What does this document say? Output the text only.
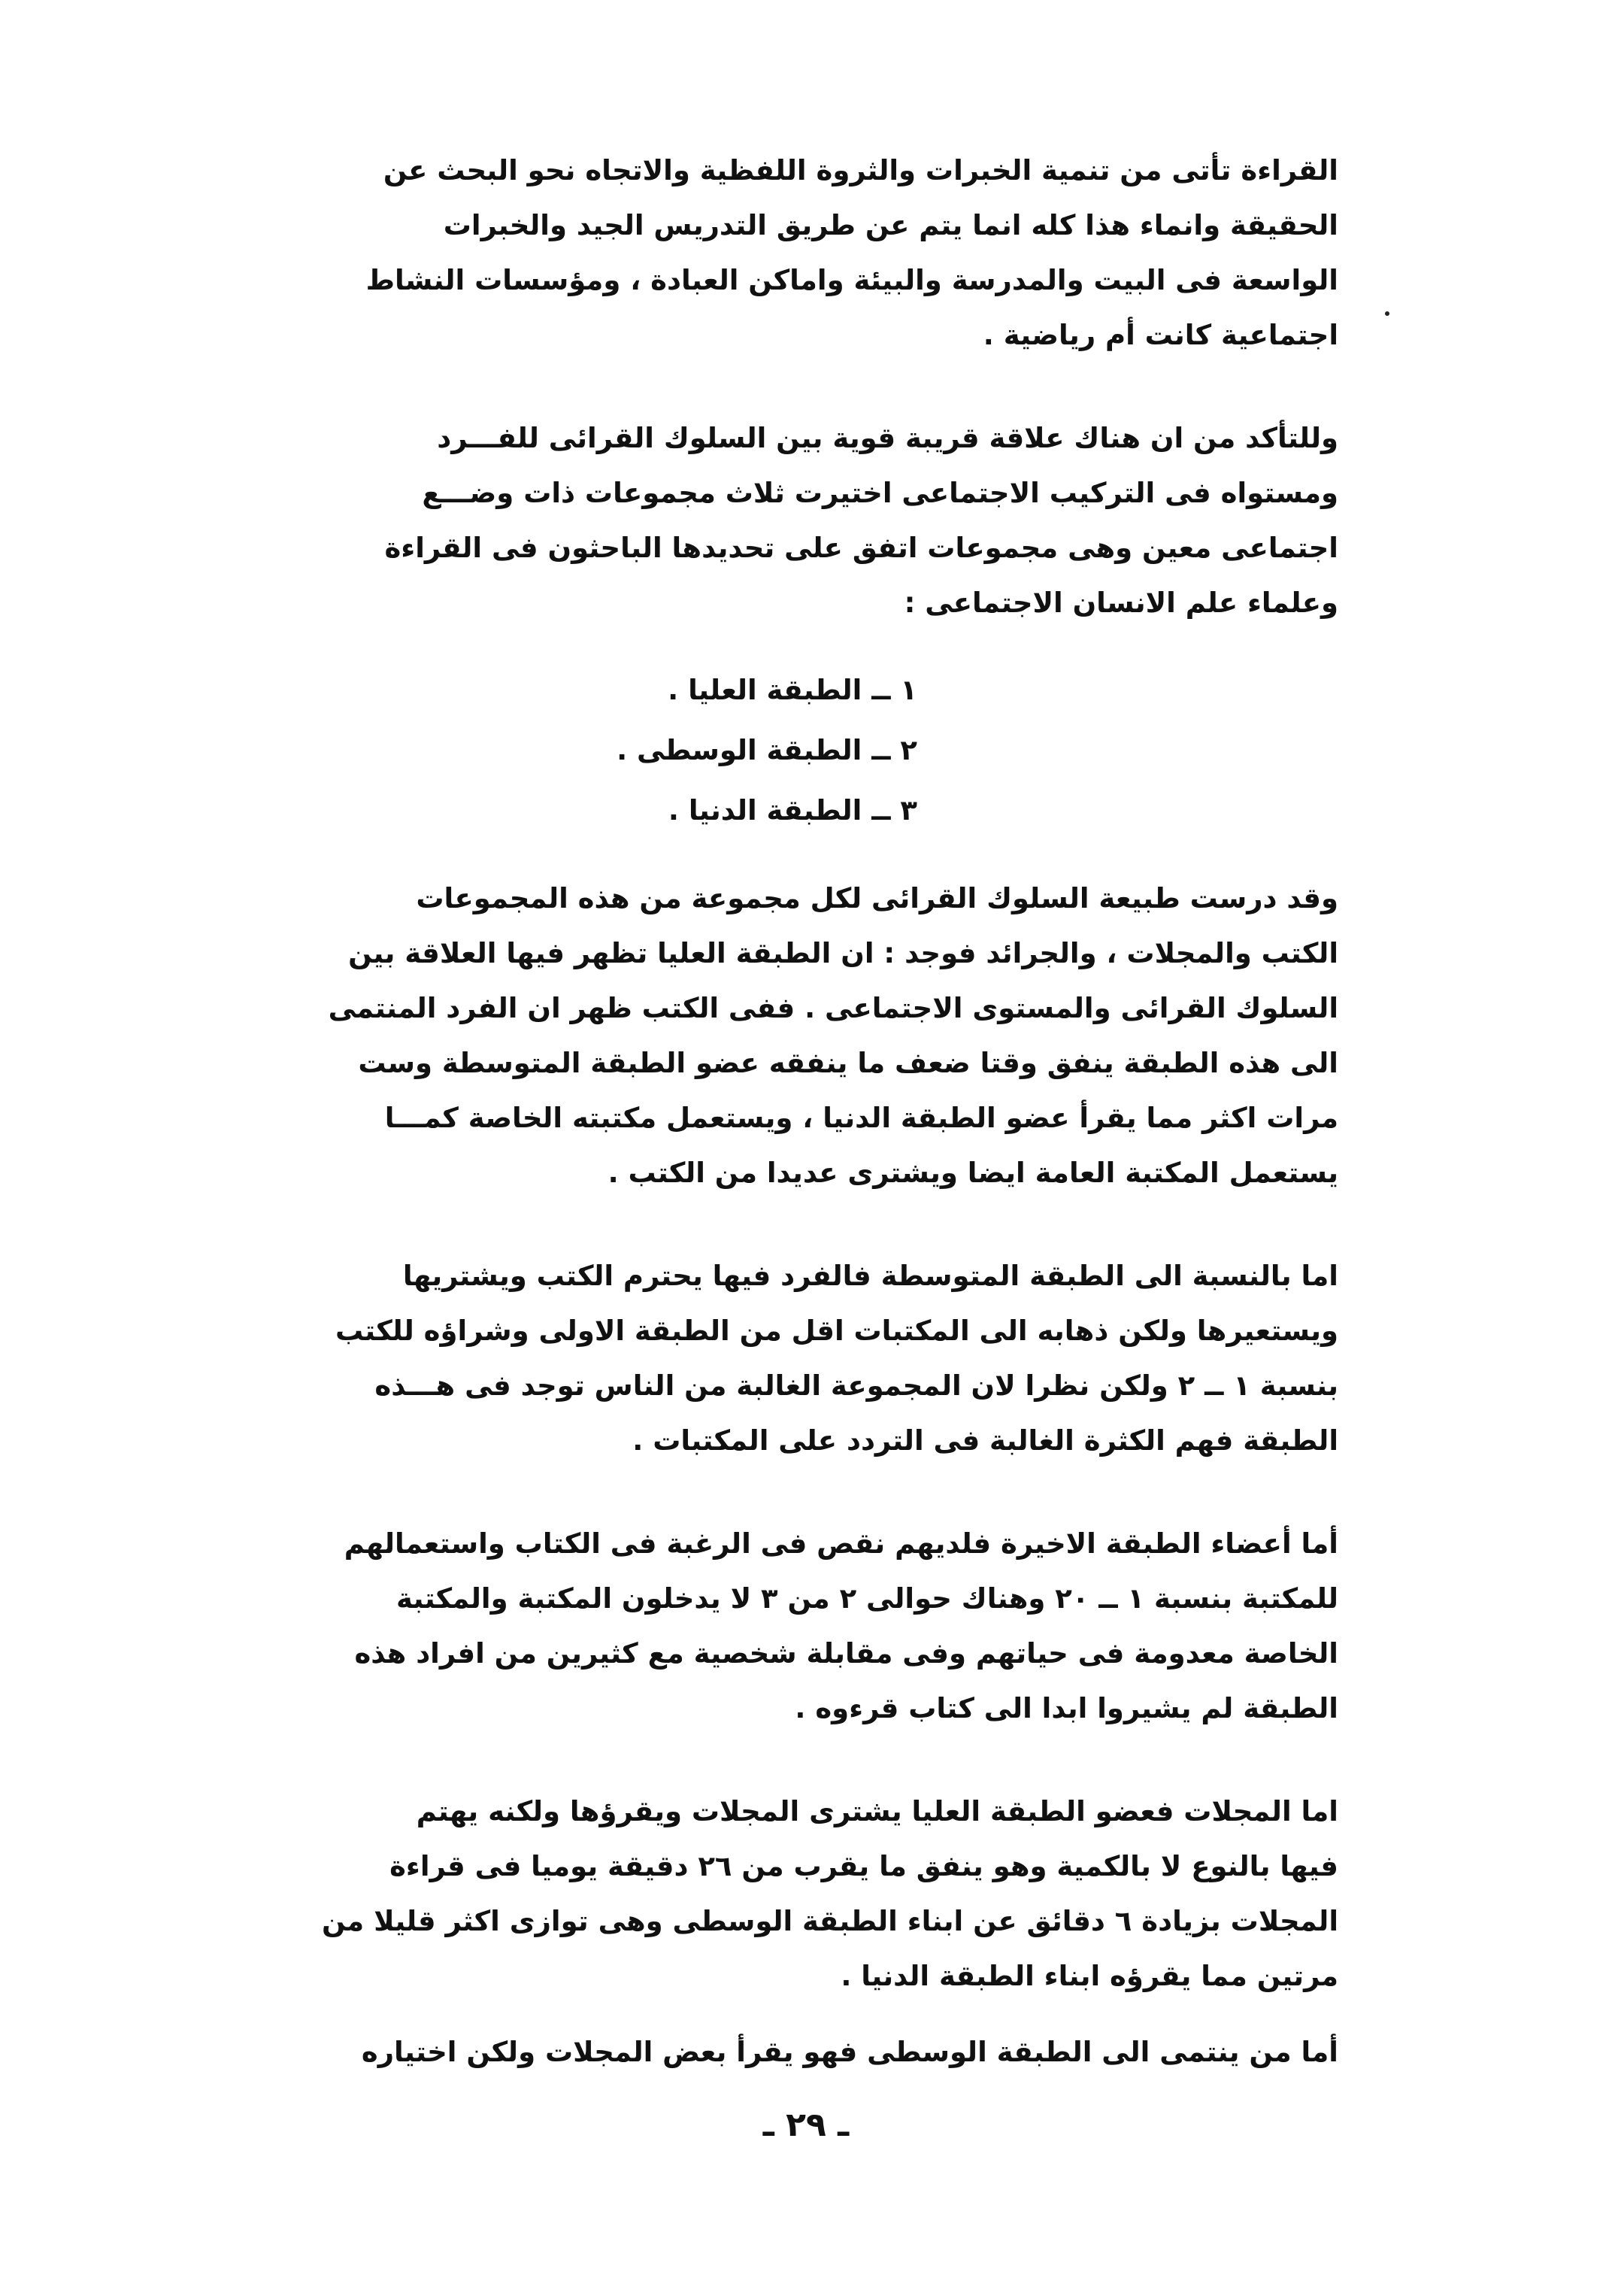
القراءة تأتى من تنمية الخبرات والثروة اللفظية والاتجاه نحو البحث عن
الحقيقة وانماء هذا كله انما يتم عن طريق التدريس الجيد والخبرات
الواسعة فى البيت والمدرسة والبيئة واماكن العبادة ، ومؤسسات النشاط
اجتماعية كانت أم رياضية .

وللتأكد من ان هناك علاقة قريبة قوية بين السلوك القرائى للفـــرد
ومستواه فى التركيب الاجتماعى اختيرت ثلاث مجموعات ذات وضـــع
اجتماعى معين وهى مجموعات اتفق على تحديدها الباحثون فى القراءة
وعلماء علم الانسان الاجتماعى :

١ ــ الطبقة العليا .
٢ ــ الطبقة الوسطى .
٣ ــ الطبقة الدنيا .

وقد درست طبيعة السلوك القرائى لكل مجموعة من هذه المجموعات
الكتب والمجلات ، والجرائد فوجد : ان الطبقة العليا تظهر فيها العلاقة بين
السلوك القرائى والمستوى الاجتماعى . ففى الكتب ظهر ان الفرد المنتمى
الى هذه الطبقة ينفق وقتا ضعف ما ينفقه عضو الطبقة المتوسطة وست
مرات اكثر مما يقرأ عضو الطبقة الدنيا ، ويستعمل مكتبته الخاصة كمـــا
يستعمل المكتبة العامة ايضا ويشترى عديدا من الكتب .

اما بالنسبة الى الطبقة المتوسطة فالفرد فيها يحترم الكتب ويشتريها
ويستعيرها ولكن ذهابه الى المكتبات اقل من الطبقة الاولى وشراؤه للكتب
بنسبة ١ ــ ٢ ولكن نظرا لان المجموعة الغالبة من الناس توجد فى هـــذه
الطبقة فهم الكثرة الغالبة فى التردد على المكتبات .

أما أعضاء الطبقة الاخيرة فلديهم نقص فى الرغبة فى الكتاب واستعمالهم
للمكتبة بنسبة ١ ــ ٢٠ وهناك حوالى ٢ من ٣ لا يدخلون المكتبة والمكتبة
الخاصة معدومة فى حياتهم وفى مقابلة شخصية مع كثيرين من افراد هذه
الطبقة لم يشيروا ابدا الى كتاب قرءوه .

اما المجلات فعضو الطبقة العليا يشترى المجلات ويقرؤها ولكنه يهتم
فيها بالنوع لا بالكمية وهو ينفق ما يقرب من ٢٦ دقيقة يوميا فى قراءة
المجلات بزيادة ٦ دقائق عن ابناء الطبقة الوسطى وهى توازى اكثر قليلا من
مرتين مما يقرؤه ابناء الطبقة الدنيا .

أما من ينتمى الى الطبقة الوسطى فهو يقرأ بعض المجلات ولكن اختياره

ـ ٢٩ ـ
